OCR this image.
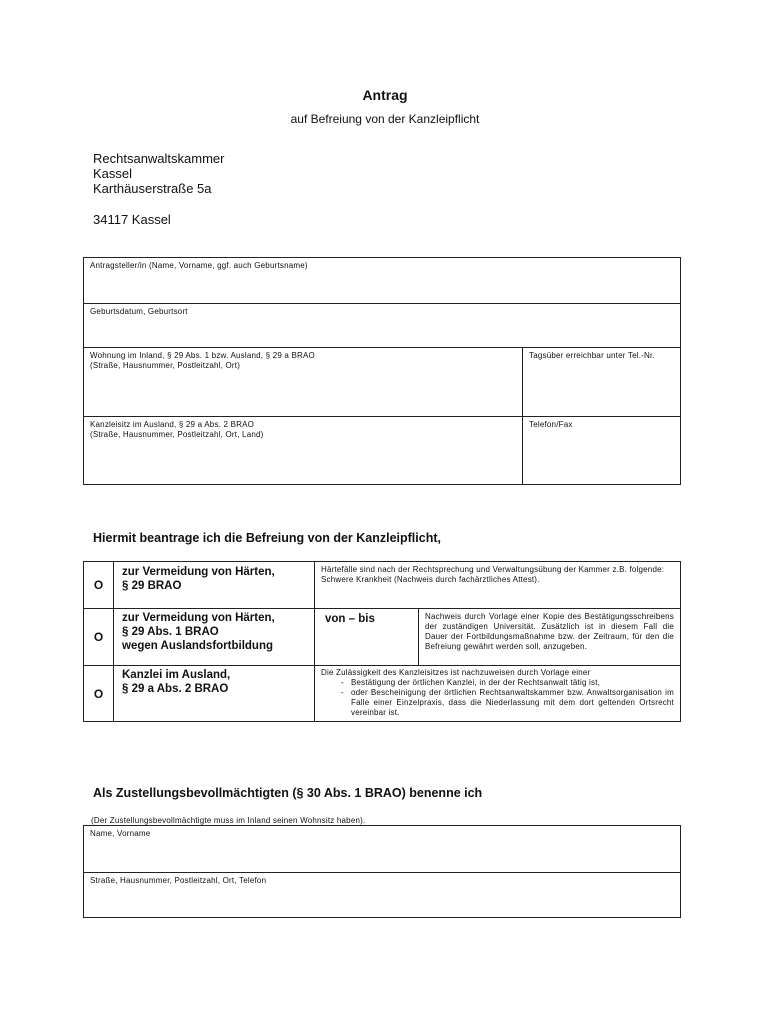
Antrag
auf Befreiung von der Kanzleipflicht
Rechtsanwaltskammer
Kassel
Karthäuserstraße 5a
34117 Kassel
Antragsteller/in (Name, Vorname, ggf. auch Geburtsname)
Geburtsdatum, Geburtsort
Wohnung im Inland, § 29 Abs. 1 bzw. Ausland, § 29 a BRAO
(Straße, Hausnummer, Postleitzahl, Ort)
Tagsüber erreichbar unter Tel.-Nr.
Kanzleisitz im Ausland, § 29 a Abs. 2 BRAO
(Straße, Hausnummer, Postleitzahl, Ort, Land)
Telefon/Fax
Hiermit beantrage ich die Befreiung von der Kanzleipflicht,
O
zur Vermeidung von Härten,
§ 29 BRAO
Härtefälle sind nach der Rechtsprechung und Verwaltungsübung der Kammer z.B. folgende:
Schwere Krankheit (Nachweis durch fachärztliches Attest).
O
zur Vermeidung von Härten,
§ 29 Abs. 1 BRAO
wegen Auslandsfortbildung
von – bis	Nachweis durch Vorlage einer Kopie des Bestätigungsschreibens der zuständigen Universität. Zusätzlich ist in diesem Fall die Dauer der Fortbildungsmaßnahme bzw. der Zeitraum, für den die Befreiung gewährt werden soll, anzugeben.
O
Kanzlei im Ausland,
§ 29 a Abs. 2 BRAO
Die Zulässigkeit des Kanzleisitzes ist nachzuweisen durch Vorlage einer
- Bestätigung der örtlichen Kanzlei, in der der Rechtsanwalt tätig ist,
- oder Bescheinigung der örtlichen Rechtsanwaltskammer bzw. Anwaltsorganisation im Falle einer Einzelpraxis, dass die Niederlassung mit dem dort geltenden Ortsrecht vereinbar ist.
Als Zustellungsbevollmächtigten (§ 30 Abs. 1 BRAO) benenne ich
(Der Zustellungsbevollmächtigte muss im Inland seinen Wohnsitz haben).
Name, Vorname
Straße, Hausnummer, Postleitzahl, Ort, Telefon
